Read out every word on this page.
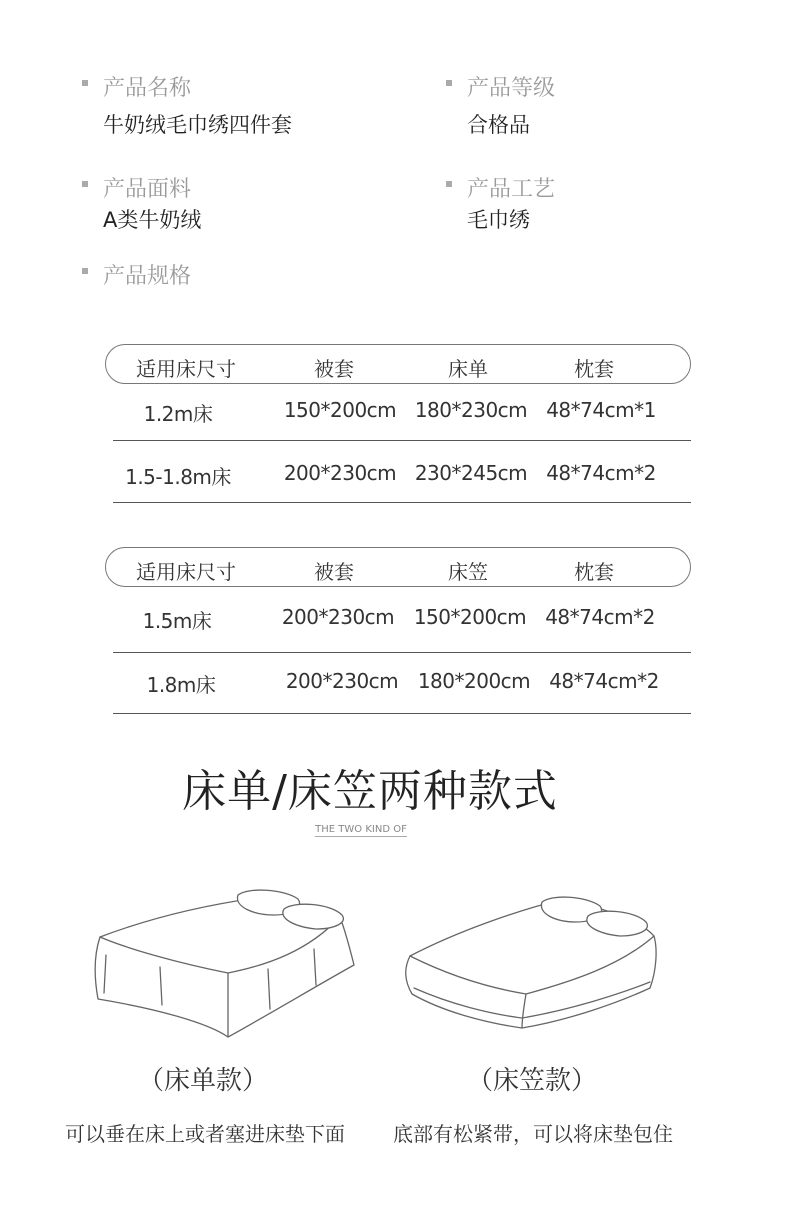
产品名称
牛奶绒毛巾绣四件套
产品等级
合格品
产品面料
A类牛奶绒
产品工艺
毛巾绣
产品规格
适用床尺寸	被套	床单	枕套
1.2m床	150*200cm 180*230cm 48*74cm*1
1.5-1.8m床	200*230cm 230*245cm 48*74cm*2
适用床尺寸	被套	床笠	枕套
1.5m床	200*230cm 150*200cm 48*74cm*2
1.8m床	200*230cm 180*200cm 48*74cm*2
床单/床笠两种款式
THE TWO KIND OF
（床单款）	（床笠款）
可以垂在床上或者塞进床垫下面 底部有松紧带，可以将床垫包住
